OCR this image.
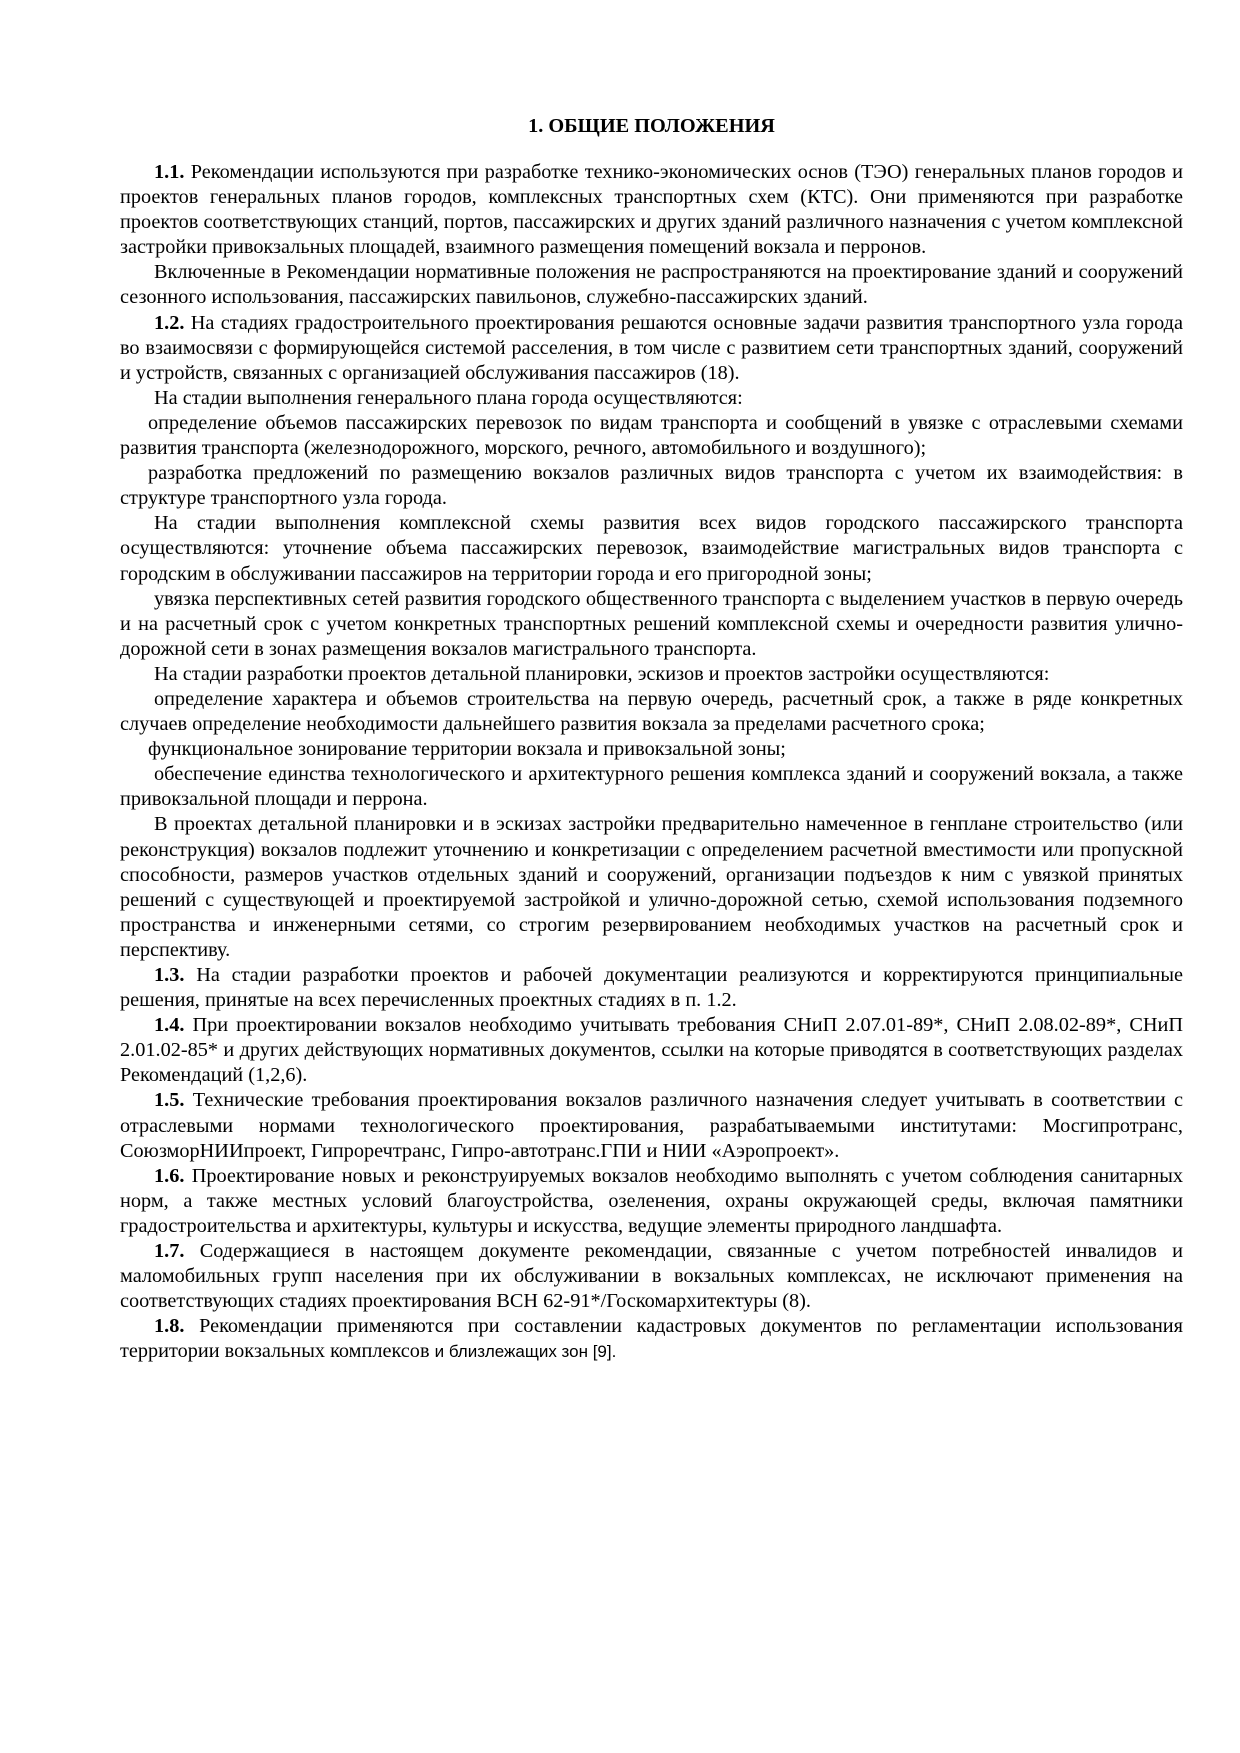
1. ОБЩИЕ ПОЛОЖЕНИЯ

1.1. Рекомендации используются при разработке технико-экономических основ (ТЭО) генеральных планов городов и проектов генеральных планов городов, комплексных транспортных схем (КТС). Они применяются при разработке проектов соответствующих станций, портов, пассажирских и других зданий различного назначения с учетом комплексной застройки привокзальных площадей, взаимного размещения помещений вокзала и перронов.

Включенные в Рекомендации нормативные положения не распространяются на проектирование зданий и сооружений сезонного использования, пассажирских павильонов, служебно-пассажирских зданий.

1.2. На стадиях градостроительного проектирования решаются основные задачи развития транспортного узла города во взаимосвязи с формирующейся системой расселения, в том числе с развитием сети транспортных зданий, сооружений и устройств, связанных с организацией обслуживания пассажиров (18).

На стадии выполнения генерального плана города осуществляются:

определение объемов пассажирских перевозок по видам транспорта и сообщений в увязке с отраслевыми схемами развития транспорта (железнодорожного, морского, речного, автомобильного и воздушного);

разработка предложений по размещению вокзалов различных видов транспорта с учетом их взаимодействия: в структуре транспортного узла города.

На стадии выполнения комплексной схемы развития всех видов городского пассажирского транспорта осуществляются: уточнение объема пассажирских перевозок, взаимодействие магистральных видов транспорта с городским в обслуживании пассажиров на территории города и его пригородной зоны;

увязка перспективных сетей развития городского общественного транспорта с выделением участков в первую очередь и на расчетный срок с учетом конкретных транспортных решений комплексной схемы и очередности развития улично-дорожной сети в зонах размещения вокзалов магистрального транспорта.

На стадии разработки проектов детальной планировки, эскизов и проектов застройки осуществляются:

определение характера и объемов строительства на первую очередь, расчетный срок, а также в ряде конкретных случаев определение необходимости дальнейшего развития вокзала за пределами расчетного срока;

функциональное зонирование территории вокзала и привокзальной зоны;

обеспечение единства технологического и архитектурного решения комплекса зданий и сооружений вокзала, а также привокзальной площади и перрона.

В проектах детальной планировки и в эскизах застройки предварительно намеченное в генплане строительство (или реконструкция) вокзалов подлежит уточнению и конкретизации с определением расчетной вместимости или пропускной способности, размеров участков отдельных зданий и сооружений, организации подъездов к ним с увязкой принятых решений с существующей и проектируемой застройкой и улично-дорожной сетью, схемой использования подземного пространства и инженерными сетями, со строгим резервированием необходимых участков на расчетный срок и перспективу.

1.3. На стадии разработки проектов и рабочей документации реализуются и корректируются принципиальные решения, принятые на всех перечисленных проектных стадиях в п. 1.2.

1.4. При проектировании вокзалов необходимо учитывать требования СНиП 2.07.01-89*, СНиП 2.08.02-89*, СНиП 2.01.02-85* и других действующих нормативных документов, ссылки на которые приводятся в соответствующих разделах Рекомендаций (1,2,6).

1.5. Технические требования проектирования вокзалов различного назначения следует учитывать в соответствии с отраслевыми нормами технологического проектирования, разрабатываемыми институтами: Мосгипротранс, СоюзморНИИпроект, Гипроречтранс, Гипро-автотранс.ГПИ и НИИ «Аэропроект».

1.6. Проектирование новых и реконструируемых вокзалов необходимо выполнять с учетом соблюдения санитарных норм, а также местных условий благоустройства, озеленения, охраны окружающей среды, включая памятники градостроительства и архитектуры, культуры и искусства, ведущие элементы природного ландшафта.

1.7. Содержащиеся в настоящем документе рекомендации, связанные с учетом потребностей инвалидов и маломобильных групп населения при их обслуживании в вокзальных комплексах, не исключают применения на соответствующих стадиях проектирования ВСН 62-91*/Госкомархитектуры (8).

1.8. Рекомендации применяются при составлении кадастровых документов по регламентации использования территории вокзальных комплексов и близлежащих зон [9].
